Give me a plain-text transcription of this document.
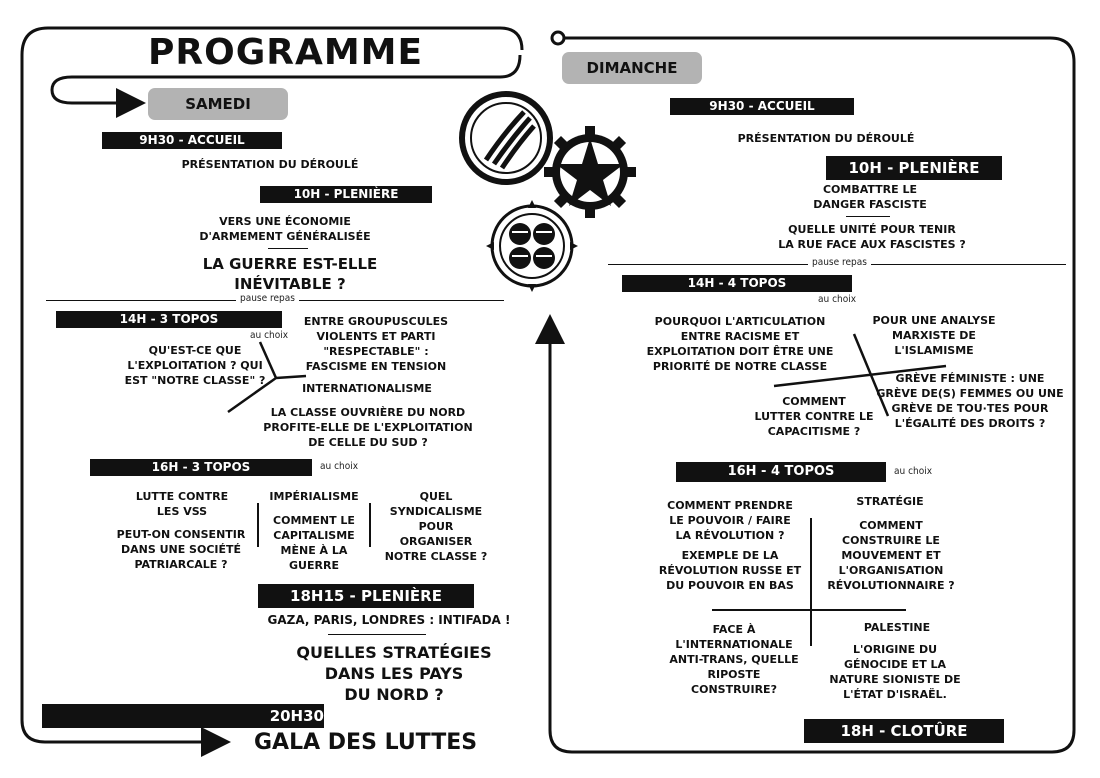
PROGRAMME
SAMEDI
9H30 - ACCUEIL
PRÉSENTATION DU DÉROULÉ
10H - PLENIÈRE
VERS UNE ÉCONOMIE
D'ARMEMENT GÉNÉRALISÉE
LA GUERRE EST-ELLE
INÉVITABLE ?
pause repas
14H - 3 TOPOS
au choix
QU'EST-CE QUE
L'EXPLOITATION ? QUI
EST "NOTRE CLASSE" ?
ENTRE GROUPUSCULES
VIOLENTS ET PARTI
"RESPECTABLE" :
FASCISME EN TENSION
INTERNATIONALISME
LA CLASSE OUVRIÈRE DU NORD
PROFITE-ELLE DE L'EXPLOITATION
DE CELLE DU SUD ?
16H - 3 TOPOS	au choix
LUTTE CONTRE
LES VSS
PEUT-ON CONSENTIR
DANS UNE SOCIÉTÉ
PATRIARCALE ?
IMPÉRIALISME
COMMENT LE
CAPITALISME
MÈNE À LA
GUERRE
QUEL
SYNDICALISME
POUR
ORGANISER
NOTRE CLASSE ?
18H15 - PLENIÈRE
GAZA, PARIS, LONDRES : INTIFADA !
QUELLES STRATÉGIES
DANS LES PAYS
DU NORD ?
20H30
GALA DES LUTTES
DIMANCHE
9H30 - ACCUEIL
PRÉSENTATION DU DÉROULÉ
10H - PLENIÈRE
COMBATTRE LE
DANGER FASCISTE
QUELLE UNITÉ POUR TENIR
LA RUE FACE AUX FASCISTES ?
pause repas
14H - 4 TOPOS
au choix
POURQUOI L'ARTICULATION
ENTRE RACISME ET
EXPLOITATION DOIT ÊTRE UNE
PRIORITÉ DE NOTRE CLASSE
POUR UNE ANALYSE
MARXISTE DE
L'ISLAMISME
COMMENT
LUTTER CONTRE LE
CAPACITISME ?
GRÈVE FÉMINISTE : UNE
GRÈVE DE(S) FEMMES OU UNE
GRÈVE DE TOU·TES POUR
L'ÉGALITÉ DES DROITS ?
16H - 4 TOPOS	au choix
COMMENT PRENDRE
LE POUVOIR / FAIRE
LA RÉVOLUTION ?
EXEMPLE DE LA
RÉVOLUTION RUSSE ET
DU POUVOIR EN BAS
STRATÉGIE
COMMENT
CONSTRUIRE LE
MOUVEMENT ET
L'ORGANISATION
RÉVOLUTIONNAIRE ?
FACE À
L'INTERNATIONALE
ANTI-TRANS, QUELLE
RIPOSTE
CONSTRUIRE?
PALESTINE
L'ORIGINE DU
GÉNOCIDE ET LA
NATURE SIONISTE DE
L'ÉTAT D'ISRAËL.
18H - CLOTÛRE
